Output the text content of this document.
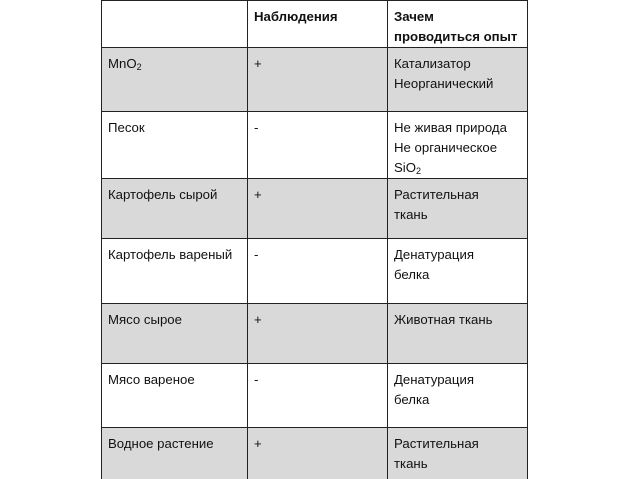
	Наблюдения	Зачем проводиться опыт
MnO$_2$	+	Катализатор
Неорганический

Песок	-	Не живая природа
Не органическое
SiO$_2$

Картофель сырой	+	Растительная
ткань

Картофель вареный	-	Денатурация
белка

Мясо сырое	+	Животная ткань

Мясо вареное	-	Денатурация
белка

Водное растение	+	Растительная
ткань
